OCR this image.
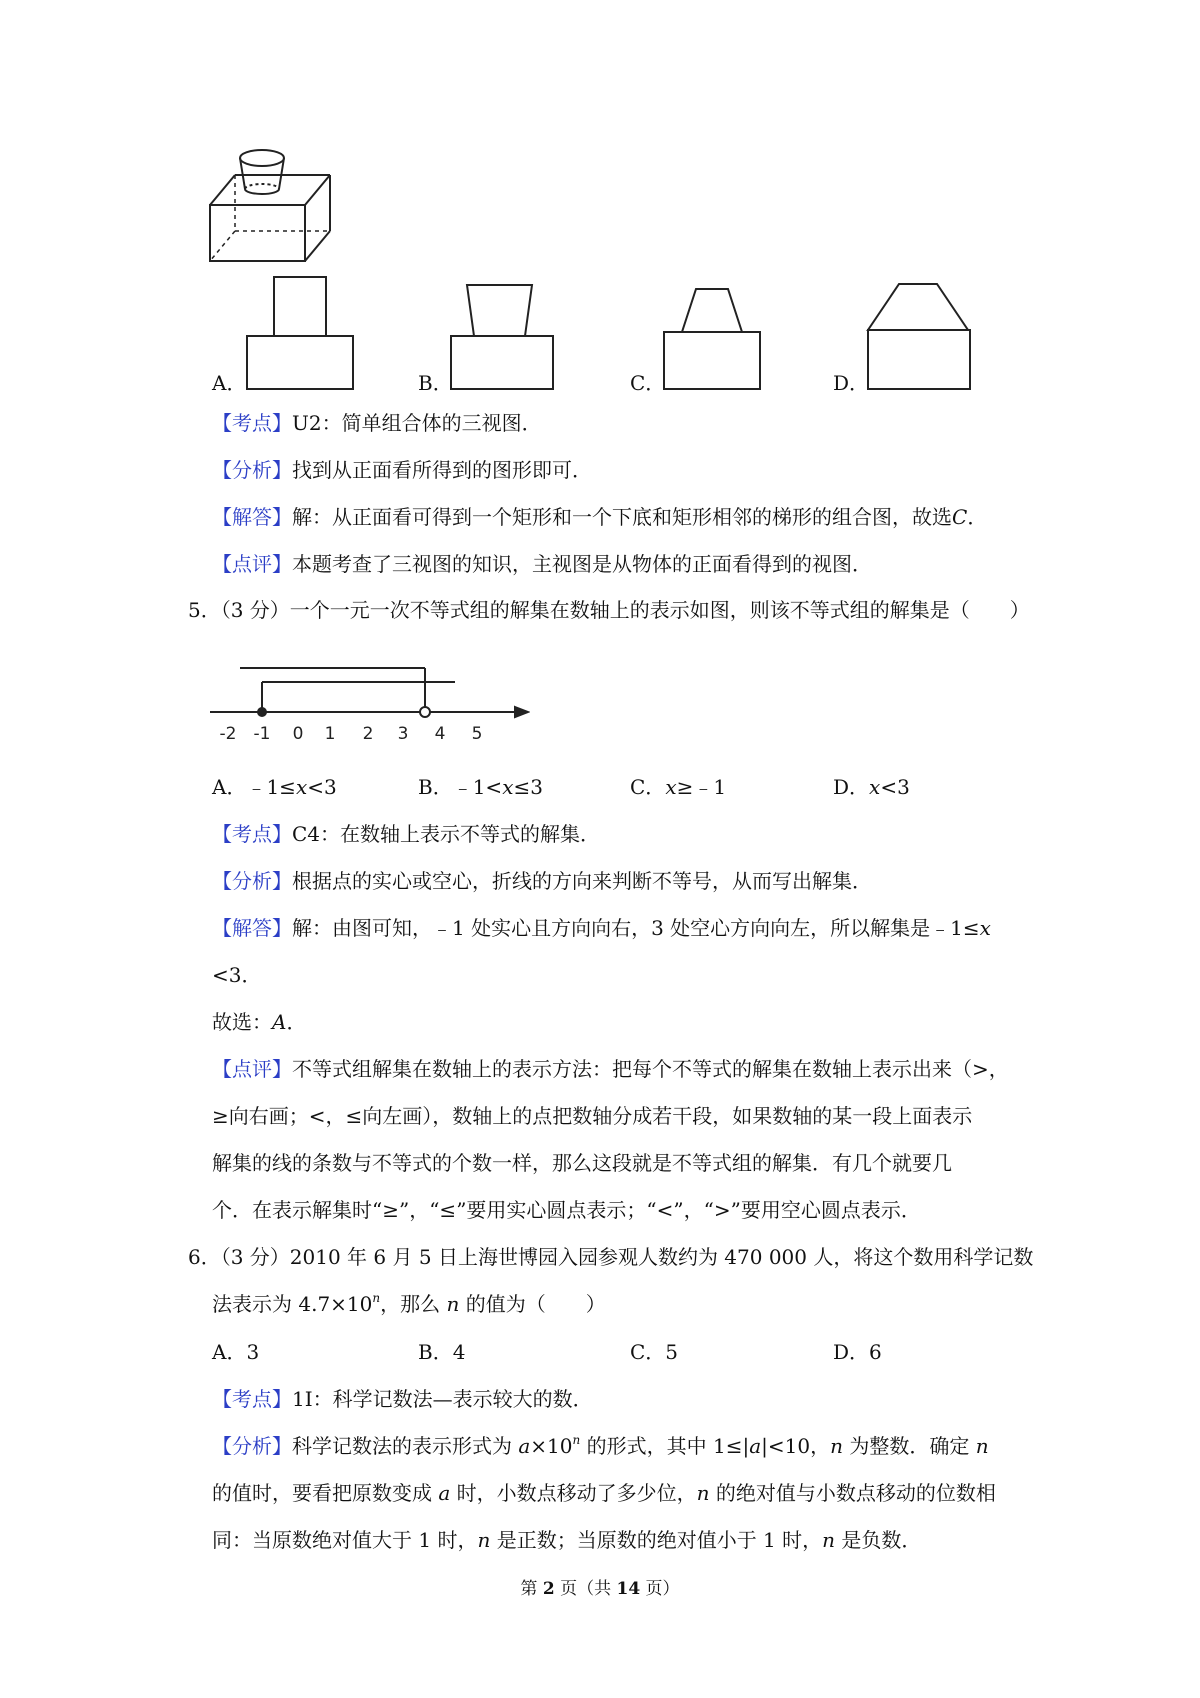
A．	B．	C．	D．
【考点】U2：简单组合体的三视图．
【分析】找到从正面看所得到的图形即可．
【解答】解：从正面看可得到一个矩形和一个下底和矩形相邻的梯形的组合图，故选C．
【点评】本题考查了三视图的知识，主视图是从物体的正面看得到的视图．
5．（3 分）一个一元一次不等式组的解集在数轴上的表示如图，则该不等式组的解集是（　　）
-2 -1 0 1 2 3 4 5
A．﹣1≤x<3	B．﹣1<x≤3	C．x≥﹣1	D．x<3
【考点】C4：在数轴上表示不等式的解集．
【分析】根据点的实心或空心，折线的方向来判断不等号，从而写出解集．
【解答】解：由图可知，﹣1 处实心且方向向右，3 处空心方向向左，所以解集是﹣1≤x
<3．
故选：A．
【点评】不等式组解集在数轴上的表示方法：把每个不等式的解集在数轴上表示出来（>，
≥向右画；<，≤向左画），数轴上的点把数轴分成若干段，如果数轴的某一段上面表示
解集的线的条数与不等式的个数一样，那么这段就是不等式组的解集．有几个就要几
个．在表示解集时“≥”，“≤”要用实心圆点表示；“<”，“>”要用空心圆点表示．
6．（3 分）2010 年 6 月 5 日上海世博园入园参观人数约为 470 000 人，将这个数用科学记数
法表示为 $4.7\times 10^n$，那么 n 的值为（　　）
A．3	B．4	C．5	D．6
【考点】1I：科学记数法—表示较大的数．
【分析】科学记数法的表示形式为 $a\times 10^n$ 的形式，其中 1≤|a|<10，n 为整数．确定 n
的值时，要看把原数变成 a 时，小数点移动了多少位，n 的绝对值与小数点移动的位数相
同：当原数绝对值大于 1 时，n 是正数；当原数的绝对值小于 1 时，n 是负数．
第 2 页（共 14 页）
